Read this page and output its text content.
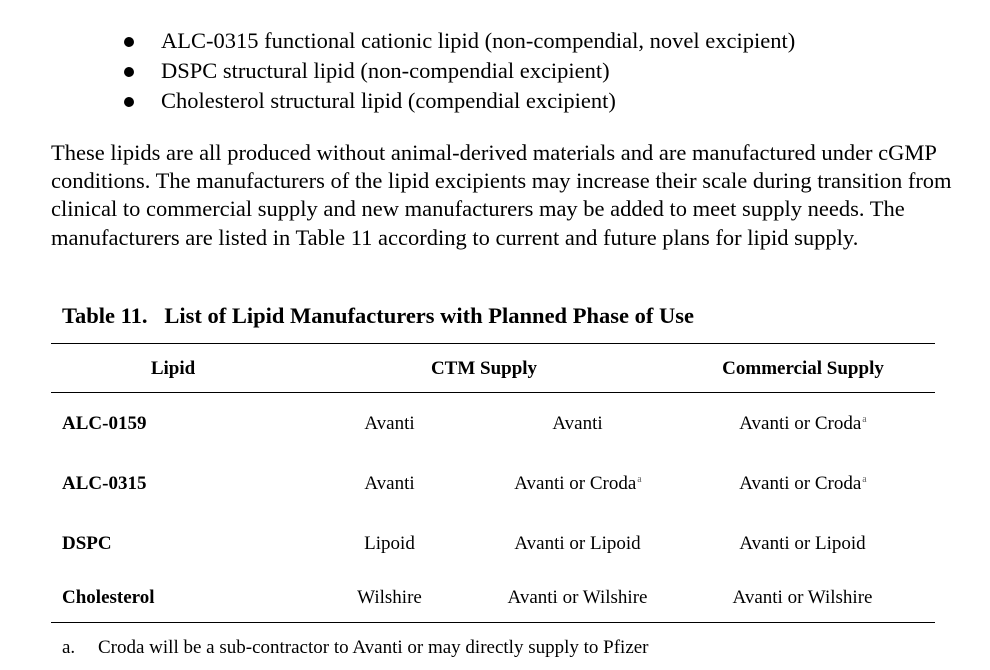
ALC-0315 functional cationic lipid (non-compendial, novel excipient)
DSPC structural lipid (non-compendial excipient)
Cholesterol structural lipid (compendial excipient)

These lipids are all produced without animal-derived materials and are manufactured under cGMP conditions. The manufacturers of the lipid excipients may increase their scale during transition from clinical to commercial supply and new manufacturers may be added to meet supply needs. The manufacturers are listed in Table 11 according to current and future plans for lipid supply.

Table 11.   List of Lipid Manufacturers with Planned Phase of Use
Lipid	CTM Supply	Commercial Supply
ALC-0159	Avanti	Avanti	Avanti or Croda$^a$
ALC-0315	Avanti	Avanti or Croda$^a$	Avanti or Croda$^a$
DSPC	Lipoid	Avanti or Lipoid	Avanti or Lipoid
Cholesterol	Wilshire	Avanti or Wilshire	Avanti or Wilshire
a. Croda will be a sub-contractor to Avanti or may directly supply to Pfizer
